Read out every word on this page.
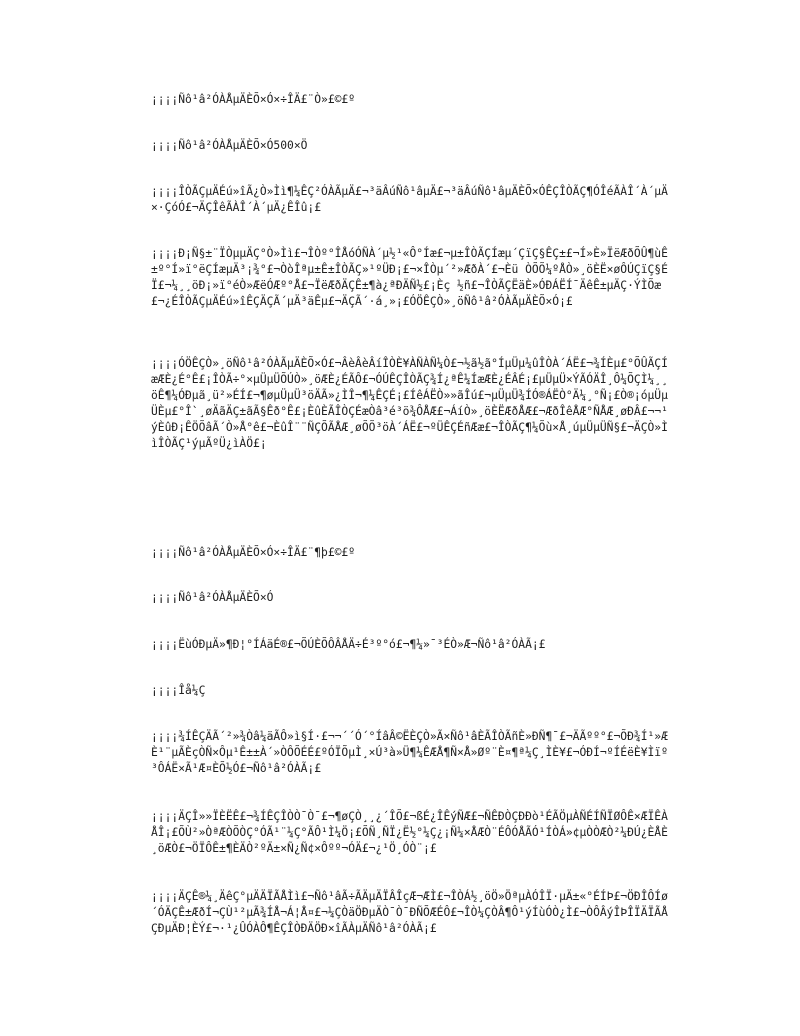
¡¡¡¡Ñô¹â²ÓÀÅµÄÈÕ×Ó×÷ÎÄ£¨Ò»£©£º

¡¡¡¡Ñô¹â²ÓÀÅµÄÈÕ×Ó500×Ö

¡¡¡¡ÎÒÃÇµÄÉú»îÃ¿Ò»Ìì¶¼ÊÇ²ÓÀÃµÄ£¬³äÂúÑô¹âµÄ£¬³äÂúÑô¹âµÄÈÕ×ÓÊÇÎÒÃÇ¶ÓÎéÃÀÎ´À´µÄ×·ÇóÓ£¬ÄÇÎêÃÀÎ´À´µÄ¿ÊÎû¡£

¡¡¡¡Ð¡Ñ§±¨ÏÒµµÄÇ°Ò»Ìì£¬ÎÒº°ÎÅóÓÑÀ´µ½¹«Ô°Íæ£¬µ±ÎÒÃÇÍæµ´ÇïÇ§ÊÇ±£¬Í»È»ÏëÆðÕÛ¶ùÊ±º°Í»ï°ëÇÍæµÄ³¡¾°£¬ÒòÎªµ±Ê±ÎÒÃÇ»¹ºÜÐ¡£¬×ÎÒµ´²»ÆðÀ´£¬Èü ÒÕÕ¼ºÅÒ»¸öÈË×øÔÚÇïÇ§ÉÏ£¬¼¸¸öÐ¡»ï°éÒ»ÆëÓÆº°Å£¬ÏëÆðÄÇÊ±¶à¿ªÐÄÑ½£¡Èç ½ñ£¬ÎÒÃÇËäÈ»ÓÐÁËÍ¯ÄêÊ±µÄÇ·ÝÌÕæ£¬¿ÉÎÒÃÇµÄÉú»îÊÇÄÇÃ´µÄ³äÊµ£¬ÄÇÃ´·á¸»¡£ÓÖÊÇÒ»¸öÑô¹â²ÓÀÃµÄÈÕ×Ó¡£

¡¡¡¡ÓÖÊÇÒ»¸öÑô¹â²ÓÀÃµÄÈÕ×Ó£¬ÂèÂèÂíÎÒÈ¥ÀÑÀÑ¼Ò£¬½ã½ã°ÍµÜµ¼ûÎÒÀ´ÁË£¬¾ÍÈµ£°ÕÛÃÇÍæÆÈ¿É°Ê£¡ÎÒÃ÷°×µÜµÜÕÚÒ»¸öÆÈ¿ÉÃÔ£¬ÓÚÊÇÎÒÃÇ¾Í¿ªÊ¼ÍæÆÈ¿ÉÂÉ¡£µÜµÜ×ÝÃÓÄÎ¸Ô¼ÕÇÌ¼¸¸öÊ¶¼ÓÐµã¸ü²»ÉÍ£¬¶øµÜµÜ³öÄÃ»¿ÌÎ¬¶¼ÊÇÉ¡£ÍêÁËÒ»»ãÎú£¬µÜµÜ¾ÍÓ®ÁËÒ°Ä¼¸°Ñ¡£Ò®¡óµÜµÜÈµ£°Î`¸øÄãÄÇ±ãÃ§Êð°Ê£¡ÈûÈÃÎÒÇÉæÒâ³é³ö¾ÔÅÆ£¬ÁíÒ»¸öÈËÆðÅÆ£¬ÆðÎêÅÆ°ÑÅÆ¸øÐÂ£¬¬¹ýÈûÐ¡ÊÖÕâÃ´Ò»Å°ê£¬ÈûÎ¨¨ÑÇÕÃÅÆ¸øÕÕ³öÀ´ÁË£¬ºÜÊÇÉñÆæ£¬ÎÒÃÇ¶¼Õù×Å¸úµÜµÜÑ§£¬ÄÇÒ»ÌìÎÒÃÇ¹ýµÃºÜ¿ìÀÖ£¡

¡¡¡¡Ñô¹â²ÓÀÅµÄÈÕ×Ó×÷ÎÄ£¨¶þ£©£º

¡¡¡¡Ñô¹â²ÓÀÅµÄÈÕ×Ó

¡¡¡¡ËùÓÐµÄ»¶Ð¦°ÍÁäÉ®£¬ÕÚÈÕÔÂÅÄ÷É³º°ó£¬¶¼»¯³ÉÒ»Æ¬Ñô¹â²ÓÀÃ¡£

¡¡¡¡Îå¼Ç

¡¡¡¡¾ÍÊÇÄÃ´²»¾Òâ¼äÃÔ»ì§Í·£¬¬´´Ó´°ÍâÂ©ËÈÇÒ»Ã×Ñô¹âÈÃÎÒÃñÈ»ÐÑ¶¯£¬ÄÃºº°£¬ÕÐ¾Í¹»ÆÈ¹¨µÃÈçÒÑ×Ôµ¹Ê±±À´»ÒÔÕÉÉ£ºÓÏÕµÌ¸×Ú³à»Ü¶¼ÊÆÅ¶Ñ×Å»Øº¨È¤¶ª¼Ç¸ÌÈ¥£¬ÓÐÍ¬ºÍÉëÈ¥Ìïº³ÔÁË×Ã¹Æ¤ÈÕ½Ó£¬Ñô¹â²ÓÀÃ¡£

¡¡¡¡ÄÇÎ»»ÏÈËÊ£¬¾ÍÊÇÎÒÒ¯Ò¯£¬¶øÇÒ¸¸¿´ÎÕ£¬ßÉ¿ÎÊýÑÆ£¬ÑÊÐÒÇÐÐò¹ÉÃÖµÀÑÉÍÑÏØÔÊ×ÆÏÊÀÅÎ¡£ÕÙ²»ÒªÆÒÕÒÇ°ÓÃ¹¨¼Ç°ÃÔ¹Ì¼Ö¡£ÕÑ¸ÑÏ¿Ë½°¼Ç¿¡Ñ¼×ÅÆÒ¨ÉÔÓÅÃÓ¹ÍÒÁ»¢µÒÒÆÒ²¼ÐÚ¿ÈÅÈ¸öÆÒ£¬ÖÏÔÊ±¶ÈÄÒ²ºÄ±×Ñ¿Ñ¢×Ôºº¬ÓÄ£¬¿¹Ö¸ÓÒ¨¡£

¡¡¡¡ÄÇÊ®¼¸ÄêÇ°µÄÄÏÃÅÌì£¬Ñô¹âÃ÷ÃÄµÄÏÂÎçÆ¬ÆÌ£¬ÎÒÁ½¸öÖ»ÖªµÀÓÎÏ·µÄ±«°ÉÍÞ£¬ÖÐÎÔÍø´ÓÄÇÊ±ÆðÍ¬ÇÙ¹²µÃ¾ÍÅ¬Á¦Å¤£¬¼ÇÒäÖÐµÄÒ¯Ò¯ÐÑÕÆÉÔ£¬ÎÒ¼ÇÒÂ¶Ô¹ýÍùÓÒ¿Ì£¬ÒÔÂýÎÞÎÏÄÏÃÅÇÐµÄÐ¦ÈÝ£¬·¹¿ÛÓÀÔ¶ÊÇÎÒÐÄÖÐ×îÃÀµÄÑô¹â²ÓÀÃ¡£
